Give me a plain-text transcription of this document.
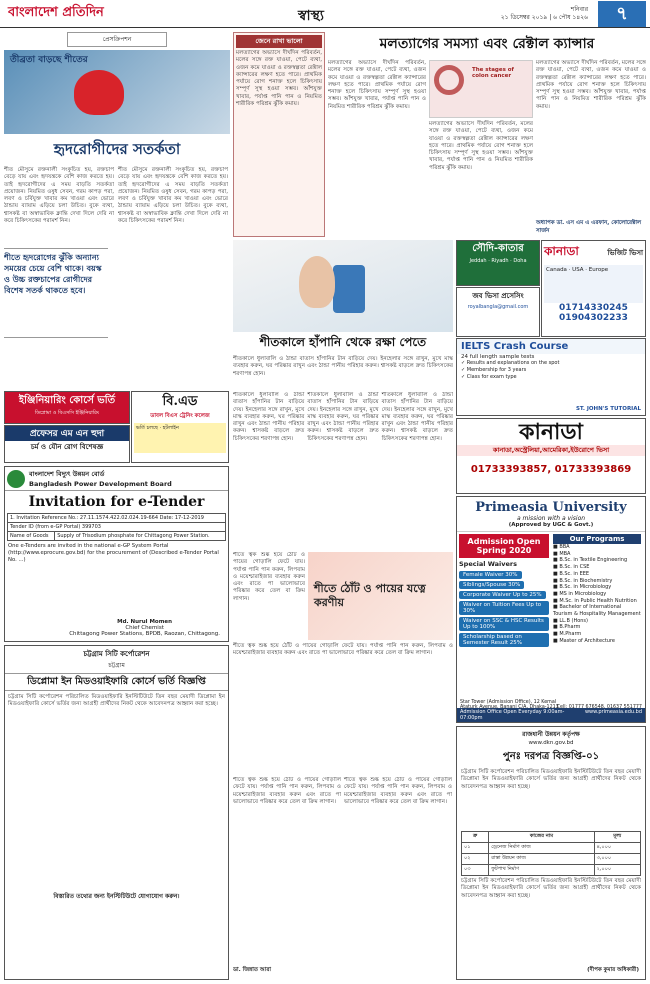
বাংলাদেশ প্রতিদিন	স্বাস্থ্য	শনিবার
২১ ডিসেম্বর ২০১৯ | ৬ পৌষ ১৪২৬	৭
প্রেসক্রিপশন
তীব্রতা বাড়ছে শীতের
হৃদরোগীদের সতর্কতা
শীত মৌসুমে রক্তনালী সংকুচিত হয়, রক্তচাপ বেড়ে যায় এবং হৃদযন্ত্রকে বেশি কাজ করতে হয়। তাই হৃদরোগীদের এ সময় বাড়তি সতর্কতা প্রয়োজন। নিয়মিত ওষুধ সেবন, গরম কাপড় পরা, লবণ ও চর্বিযুক্ত খাবার কম খাওয়া এবং ভোরে ঠান্ডায় ব্যায়াম এড়িয়ে চলা উচিত। বুকে ব্যথা, শ্বাসকষ্ট বা অস্বাভাবিক ক্লান্তি দেখা দিলে দেরি না করে চিকিৎসকের পরামর্শ নিন।
শীত মৌসুমে রক্তনালী সংকুচিত হয়, রক্তচাপ বেড়ে যায় এবং হৃদযন্ত্রকে বেশি কাজ করতে হয়। তাই হৃদরোগীদের এ সময় বাড়তি সতর্কতা প্রয়োজন। নিয়মিত ওষুধ সেবন, গরম কাপড় পরা, লবণ ও চর্বিযুক্ত খাবার কম খাওয়া এবং ভোরে ঠান্ডায় ব্যায়াম এড়িয়ে চলা উচিত। বুকে ব্যথা, শ্বাসকষ্ট বা অস্বাভাবিক ক্লান্তি দেখা দিলে দেরি না করে চিকিৎসকের পরামর্শ নিন।
শীতে হৃদরোগের ঝুঁকি অন্যান্য সময়ের চেয়ে বেশি থাকে। বয়স্ক ও উচ্চ রক্তচাপের রোগীদের বিশেষ সতর্ক থাকতে হবে।
জেনে রাখা ভালো
মলত্যাগের অভ্যাসে দীর্ঘদিন পরিবর্তন, মলের সঙ্গে রক্ত যাওয়া, পেটে ব্যথা, ওজন কমে যাওয়া ও রক্তস্বল্পতা রেক্টাল ক্যান্সারের লক্ষণ হতে পারে। প্রাথমিক পর্যায়ে রোগ শনাক্ত হলে চিকিৎসায় সম্পূর্ণ সুস্থ হওয়া সম্ভব। আঁশযুক্ত খাবার, পর্যাপ্ত পানি পান ও নিয়মিত শারীরিক পরিশ্রম ঝুঁকি কমায়।
মলত্যাগের সমস্যা এবং রেক্টাল ক্যান্সার
মলত্যাগের অভ্যাসে দীর্ঘদিন পরিবর্তন, মলের সঙ্গে রক্ত যাওয়া, পেটে ব্যথা, ওজন কমে যাওয়া ও রক্তস্বল্পতা রেক্টাল ক্যান্সারের লক্ষণ হতে পারে। প্রাথমিক পর্যায়ে রোগ শনাক্ত হলে চিকিৎসায় সম্পূর্ণ সুস্থ হওয়া সম্ভব। আঁশযুক্ত খাবার, পর্যাপ্ত পানি পান ও নিয়মিত শারীরিক পরিশ্রম ঝুঁকি কমায়।
The stages of colon cancer
মলত্যাগের অভ্যাসে দীর্ঘদিন পরিবর্তন, মলের সঙ্গে রক্ত যাওয়া, পেটে ব্যথা, ওজন কমে যাওয়া ও রক্তস্বল্পতা রেক্টাল ক্যান্সারের লক্ষণ হতে পারে। প্রাথমিক পর্যায়ে রোগ শনাক্ত হলে চিকিৎসায় সম্পূর্ণ সুস্থ হওয়া সম্ভব। আঁশযুক্ত খাবার, পর্যাপ্ত পানি পান ও নিয়মিত শারীরিক পরিশ্রম ঝুঁকি কমায়।
মলত্যাগের অভ্যাসে দীর্ঘদিন পরিবর্তন, মলের সঙ্গে রক্ত যাওয়া, পেটে ব্যথা, ওজন কমে যাওয়া ও রক্তস্বল্পতা রেক্টাল ক্যান্সারের লক্ষণ হতে পারে। প্রাথমিক পর্যায়ে রোগ শনাক্ত হলে চিকিৎসায় সম্পূর্ণ সুস্থ হওয়া সম্ভব। আঁশযুক্ত খাবার, পর্যাপ্ত পানি পান ও নিয়মিত শারীরিক পরিশ্রম ঝুঁকি কমায়।
অধ্যাপক ডা. এস এম এ এরফান, কোলোরেক্টাল সার্জন
শীতকালে হাঁপানি থেকে রক্ষা পেতে
শীতকালে ধুলাবালি ও ঠান্ডা বাতাস হাঁপানির টান বাড়িয়ে দেয়। ইনহেলার সঙ্গে রাখুন, মুখে মাস্ক ব্যবহার করুন, ঘর পরিষ্কার রাখুন এবং ঠান্ডা পানীয় পরিহার করুন। শ্বাসকষ্ট বাড়লে দ্রুত চিকিৎসকের শরণাপন্ন হোন।
শীতকালে ধুলাবালি ও ঠান্ডা বাতাস হাঁপানির টান বাড়িয়ে দেয়। ইনহেলার সঙ্গে রাখুন, মুখে মাস্ক ব্যবহার করুন, ঘর পরিষ্কার রাখুন এবং ঠান্ডা পানীয় পরিহার করুন। শ্বাসকষ্ট বাড়লে দ্রুত চিকিৎসকের শরণাপন্ন হোন।
শীতকালে ধুলাবালি ও ঠান্ডা বাতাস হাঁপানির টান বাড়িয়ে দেয়। ইনহেলার সঙ্গে রাখুন, মুখে মাস্ক ব্যবহার করুন, ঘর পরিষ্কার রাখুন এবং ঠান্ডা পানীয় পরিহার করুন। শ্বাসকষ্ট বাড়লে দ্রুত চিকিৎসকের শরণাপন্ন হোন।
শীতকালে ধুলাবালি ও ঠান্ডা বাতাস হাঁপানির টান বাড়িয়ে দেয়। ইনহেলার সঙ্গে রাখুন, মুখে মাস্ক ব্যবহার করুন, ঘর পরিষ্কার রাখুন এবং ঠান্ডা পানীয় পরিহার করুন। শ্বাসকষ্ট বাড়লে দ্রুত চিকিৎসকের শরণাপন্ন হোন।
শীতে ত্বক শুষ্ক হয়ে ঠোঁট ও পায়ের গোড়ালি ফেটে যায়। পর্যাপ্ত পানি পান করুন, লিপবাম ও ময়েশ্চারাইজার ব্যবহার করুন এবং রাতে পা ভালোভাবে পরিষ্কার করে তেল বা ক্রিম লাগান।
শীতে ঠোঁট ও পায়ের যত্নে করণীয়
শীতে ত্বক শুষ্ক হয়ে ঠোঁট ও পায়ের গোড়ালি ফেটে যায়। পর্যাপ্ত পানি পান করুন, লিপবাম ও ময়েশ্চারাইজার ব্যবহার করুন এবং রাতে পা ভালোভাবে পরিষ্কার করে তেল বা ক্রিম লাগান।
শীতে ত্বক শুষ্ক হয়ে ঠোঁট ও পায়ের গোড়ালি ফেটে যায়। পর্যাপ্ত পানি পান করুন, লিপবাম ও ময়েশ্চারাইজার ব্যবহার করুন এবং রাতে পা ভালোভাবে পরিষ্কার করে তেল বা ক্রিম লাগান।
শীতে ত্বক শুষ্ক হয়ে ঠোঁট ও পায়ের গোড়ালি ফেটে যায়। পর্যাপ্ত পানি পান করুন, লিপবাম ও ময়েশ্চারাইজার ব্যবহার করুন এবং রাতে পা ভালোভাবে পরিষ্কার করে তেল বা ক্রিম লাগান।
ডা. জিন্নাত আরা
সৌদি-কাতার
Jeddah · Riyadh · Doha
জব ভিসা প্রসেসিং
royalbangla@gmail.com
কানাডা	ভিজিট ভিসা
Canada · USA · Europe
01714330245
01904302233
IELTS Crash Course
24 full length sample tests
✓ Results and explanations on the spot
✓ Membership for 3 years
✓ Class for exam type
ST. JOHN'S TUTORIAL
কানাডা
কানাডা,অস্ট্রেলিয়া,আমেরিকা,ইউরোপে ভিসা
01733393857, 01733393869
Primeasia University
a mission with a vision
(Approved by UGC & Govt.)
Admission Open
Spring 2020
Special Waivers
Female Waiver 30%Siblings/Spouse 30%Corporate Waiver Up to 25%Waiver on Tuition Fees Up to 30%Waiver on SSC & HSC Results Up to 100%Scholarship based on Semester Result 25%
Our Programs
■ BBA
■ MBA
■ B.Sc. in Textile Engineering
■ B.Sc. in CSE
■ B.Sc. in EEE
■ B.Sc. in Biochemistry
■ B.Sc. in Microbiology
■ MS in Microbiology
■ M.Sc. in Public Health Nutrition
■ Bachelor of International Tourism & Hospitality Management
■ LL.B (Hons)
■ B.Pharm
■ M.Pharm
■ Master of Architecture
Admission Office Open Everyday 9:00am-07:00pm
www.primeasia.edu.bd
Star Tower (Admission Office), 12 Kemal Ataturk Avenue, Banani C/A, Dhaka-1213
Cell: 01777 676548, 01637 551777
রাজধানী উন্নয়ন কর্তৃপক্ষ
www.dkn.gov.bd
পুনঃ দরপত্র বিজ্ঞপ্তি-০১
চট্টগ্রাম সিটি কর্পোরেশন পরিচালিত মিডওয়াইফারি ইনস্টিটিউটে তিন বছর মেয়াদী ডিপ্লোমা ইন মিডওয়াইফারি কোর্সে ভর্তির জন্য আগ্রহী প্রার্থীদের নিকট থেকে আবেদনপত্র আহ্বান করা হচ্ছে।
ক্র	কাজের নাম	মূল্য
০১	ড্রেনেজ নির্মাণ কাজ	৪,০০০
০২	রাস্তা উন্নয়ন কাজ	৩,০০০
০৩	ফুটপাথ নির্মাণ	২,০০০
চট্টগ্রাম সিটি কর্পোরেশন পরিচালিত মিডওয়াইফারি ইনস্টিটিউটে তিন বছর মেয়াদী ডিপ্লোমা ইন মিডওয়াইফারি কোর্সে ভর্তির জন্য আগ্রহী প্রার্থীদের নিকট থেকে আবেদনপত্র আহ্বান করা হচ্ছে।
(দীপক কুমার অধিকারী)
ইঞ্জিনিয়ারিং কোর্সে ভর্তি
ডিপ্লোমা ও বিএসসি ইঞ্জিনিয়ারিং
বি.এড
ডাবল বিএস ট্রেনিং কলেজ
ভর্তি চলছে · হটলাইন
প্রফেসর এম এন হুদা
চর্ম ও যৌন রোগ বিশেষজ্ঞ
বাংলাদেশ বিদ্যুৎ উন্নয়ন বোর্ড
Bangladesh Power Development Board
Invitation for e-Tender
1. Invitation Reference No.: 27.11.1574.422.02.024.19-664 Date: 17-12-2019
Tender ID (from e-GP Portal) 399703
Name of Goods	Supply of Trisodium phosphate for Chittagong Power Station.
One e-Tenders are invited in the national e-GP System Portal (http://www.eprocure.gov.bd) for the procurement of (Described e-Tender Portal No. ...)
Md. Nurul Momen
Chief Chemist
Chittagong Power Stations, BPDB, Raozan, Chittagong.
চট্টগ্রাম সিটি কর্পোরেশন
চট্টগ্রাম
ডিপ্লোমা ইন মিডওয়াইফারি কোর্সে ভর্তি বিজ্ঞপ্তি
চট্টগ্রাম সিটি কর্পোরেশন পরিচালিত মিডওয়াইফারি ইনস্টিটিউটে তিন বছর মেয়াদী ডিপ্লোমা ইন মিডওয়াইফারি কোর্সে ভর্তির জন্য আগ্রহী প্রার্থীদের নিকট থেকে আবেদনপত্র আহ্বান করা হচ্ছে।
বিস্তারিত তথ্যের জন্য ইনস্টিটিউটে যোগাযোগ করুন।
